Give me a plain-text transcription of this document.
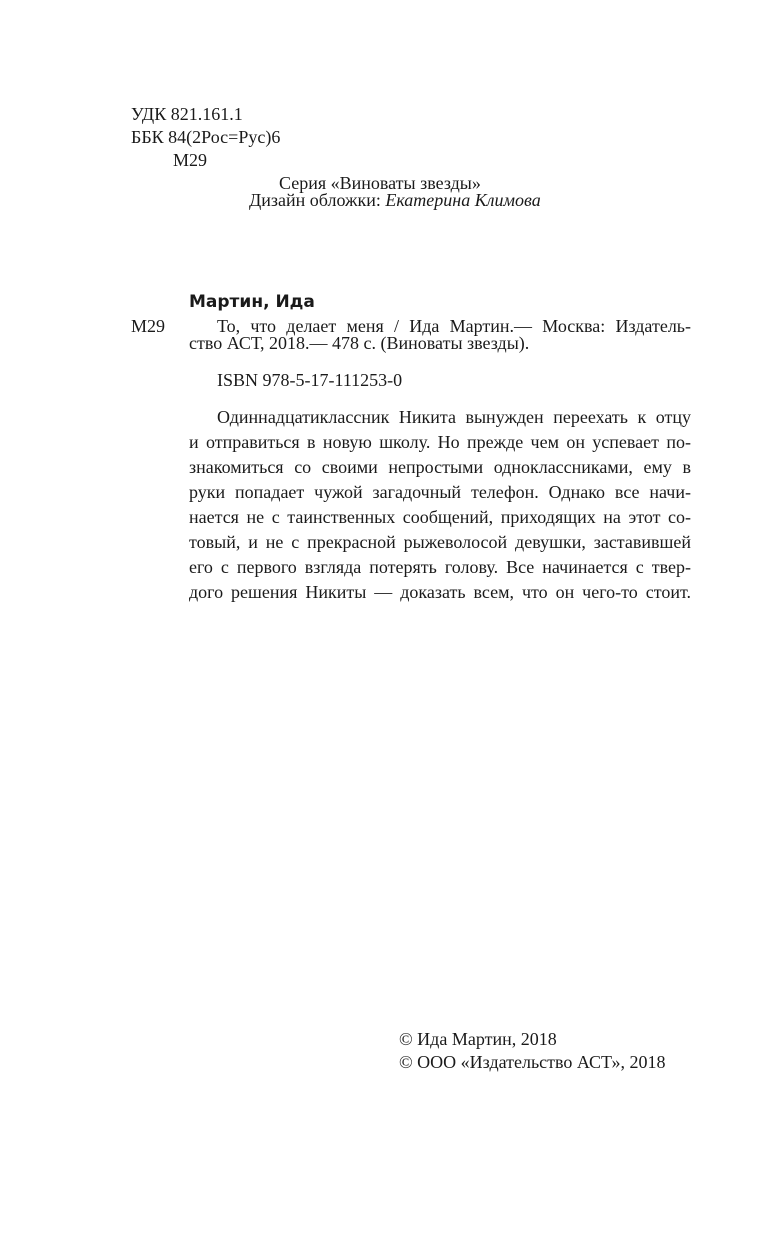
УДК 821.161.1
ББК 84(2Рос=Рус)6
М29
Серия «Виноваты звезды»
Дизайн обложки: Екатерина Климова
Мартин, Ида
М29	То, что делает меня / Ида Мартин.— Москва: Издатель-
ство АСТ, 2018.— 478 с. (Виноваты звезды).
ISBN 978-5-17-111253-0
Одиннадцатиклассник Никита вынужден переехать к отцу
и отправиться в новую школу. Но прежде чем он успевает по-
знакомиться со своими непростыми одноклассниками, ему в
руки попадает чужой загадочный телефон. Однако все начи-
нается не с таинственных сообщений, приходящих на этот со-
товый, и не с прекрасной рыжеволосой девушки, заставившей
его с первого взгляда потерять голову. Все начинается с твер-
дого решения Никиты — доказать всем, что он чего-то стоит.
© Ида Мартин, 2018
© ООО «Издательство АСТ», 2018
